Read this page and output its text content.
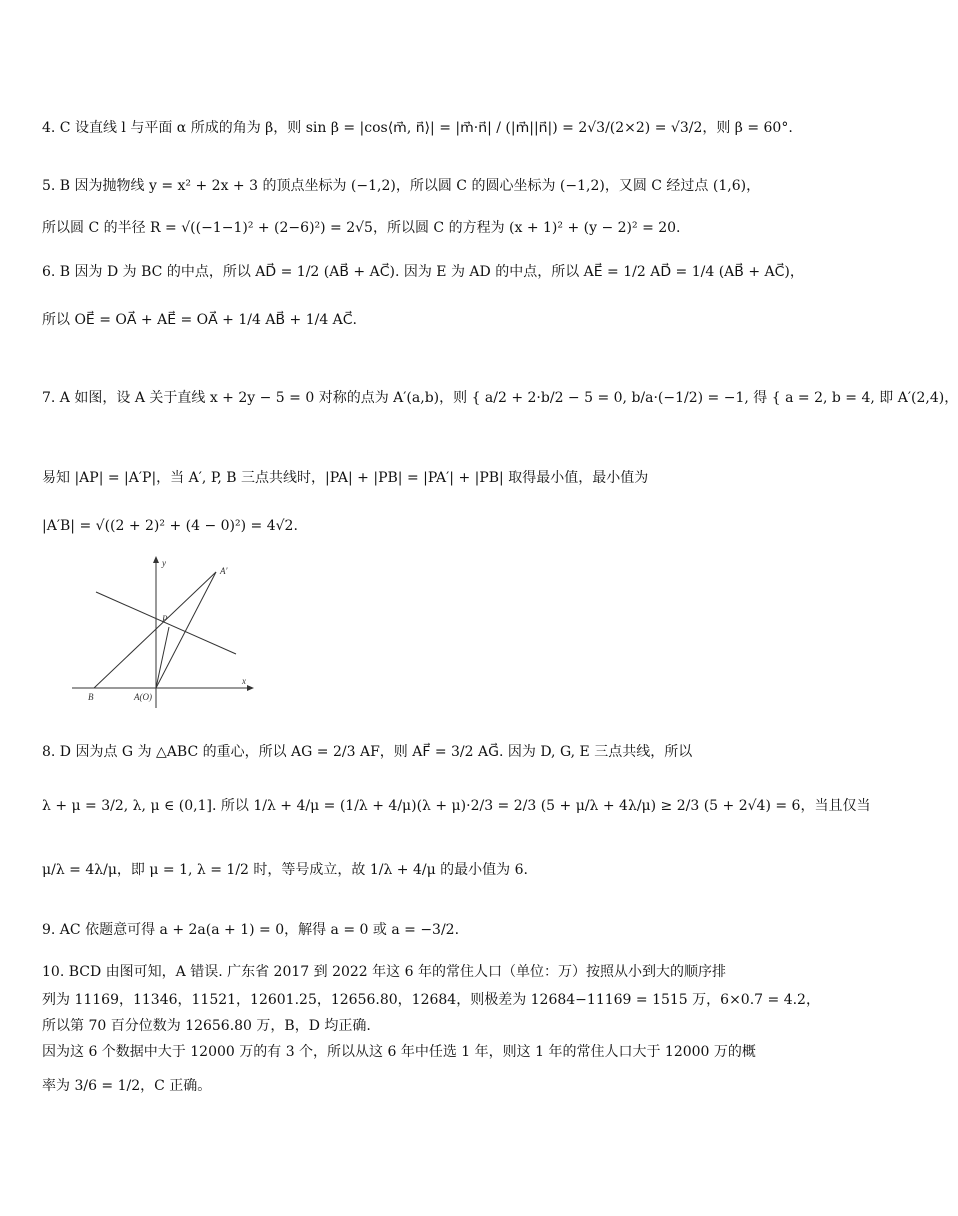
4. C 设直线 l 与平面 α 所成的角为 β，则 sin β = |cos⟨m⃗, n⃗⟩| = |m⃗·n⃗| / (|m⃗||n⃗|) = 2√3/(2×2) = √3/2，则 β = 60°.
5. B 因为抛物线 y = x² + 2x + 3 的顶点坐标为 (−1,2)，所以圆 C 的圆心坐标为 (−1,2)，又圆 C 经过点 (1,6)，
所以圆 C 的半径 R = √((−1−1)² + (2−6)²) = 2√5，所以圆 C 的方程为 (x + 1)² + (y − 2)² = 20.
6. B 因为 D 为 BC 的中点，所以 AD⃗ = 1/2 (AB⃗ + AC⃗). 因为 E 为 AD 的中点，所以 AE⃗ = 1/2 AD⃗ = 1/4 (AB⃗ + AC⃗)，
所以 OE⃗ = OA⃗ + AE⃗ = OA⃗ + 1/4 AB⃗ + 1/4 AC⃗.
7. A 如图，设 A 关于直线 x + 2y − 5 = 0 对称的点为 A′(a,b)，则 { a/2 + 2·b/2 − 5 = 0, b/a·(−1/2) = −1, 得 { a = 2, b = 4, 即 A′(2,4)，
易知 |AP| = |A′P|，当 A′, P, B 三点共线时，|PA| + |PB| = |PA′| + |PB| 取得最小值，最小值为
|A′B| = √((2 + 2)² + (4 − 0)²) = 4√2.
y
x
A′
P
B	A(O)
8. D 因为点 G 为 △ABC 的重心，所以 AG = 2/3 AF，则 AF⃗ = 3/2 AG⃗. 因为 D, G, E 三点共线，所以
λ + μ = 3/2, λ, μ ∈ (0,1]. 所以 1/λ + 4/μ = (1/λ + 4/μ)(λ + μ)·2/3 = 2/3 (5 + μ/λ + 4λ/μ) ≥ 2/3 (5 + 2√4) = 6，当且仅当
μ/λ = 4λ/μ，即 μ = 1, λ = 1/2 时，等号成立，故 1/λ + 4/μ 的最小值为 6.
9. AC 依题意可得 a + 2a(a + 1) = 0，解得 a = 0 或 a = −3/2.
10. BCD 由图可知，A 错误. 广东省 2017 到 2022 年这 6 年的常住人口（单位：万）按照从小到大的顺序排
列为 11169，11346，11521，12601.25，12656.80，12684，则极差为 12684−11169 = 1515 万，6×0.7 = 4.2，
所以第 70 百分位数为 12656.80 万，B，D 均正确.
因为这 6 个数据中大于 12000 万的有 3 个，所以从这 6 年中任选 1 年，则这 1 年的常住人口大于 12000 万的概
率为 3/6 = 1/2，C 正确。
